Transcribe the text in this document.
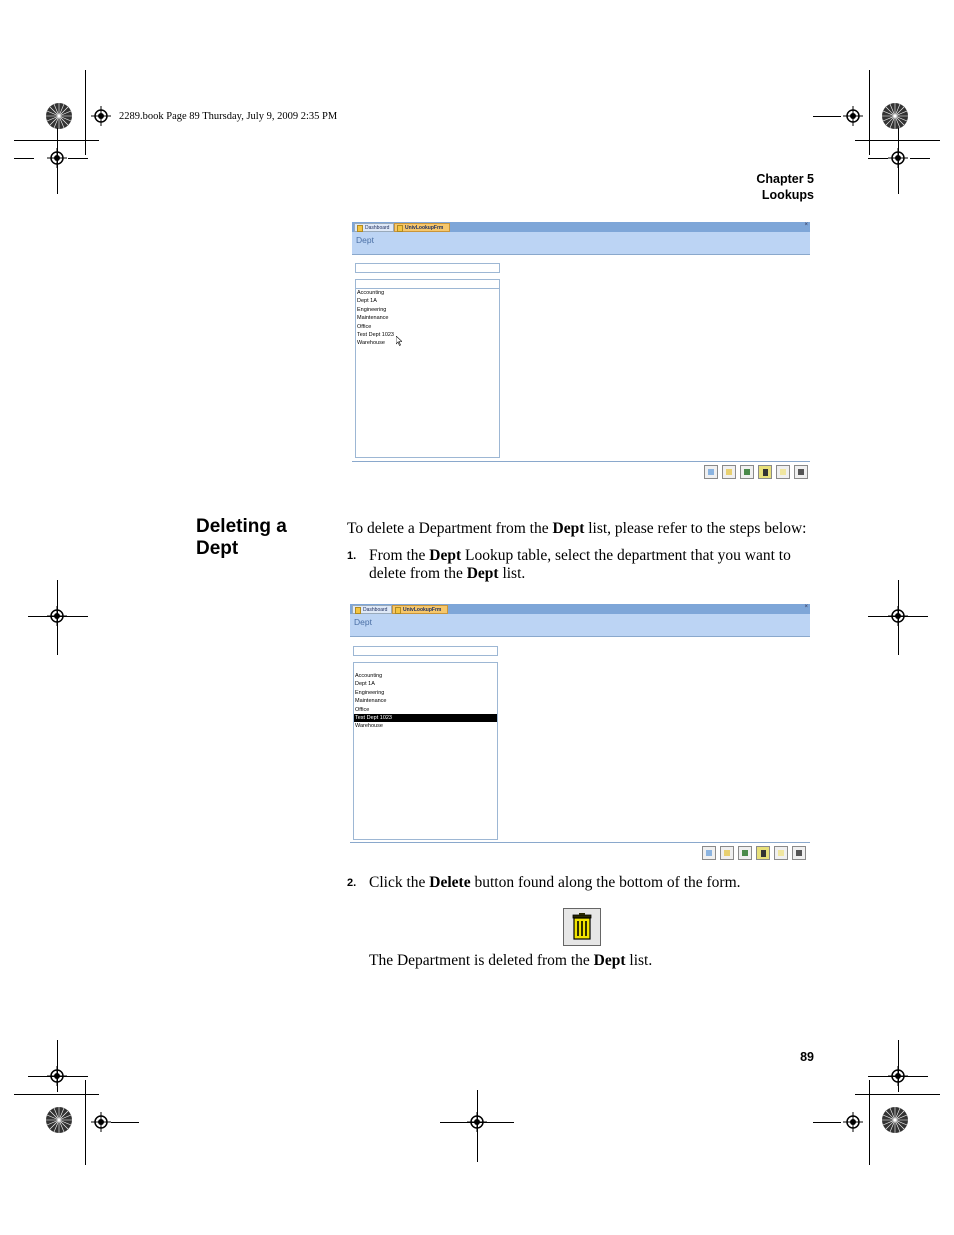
2289.book Page 89 Thursday, July 9, 2009 2:35 PM
Chapter 5
Lookups
Dashboard	UnivLookupFrm	×
Dept
Accounting
Dept 1A
Engineering
Maintenance
Office
Test Dept 1023
Warehouse
Deleting a Dept
To delete a Department from the Dept list, please refer to the steps below:
1. From the Dept Lookup table, select the department that you want to
delete from the Dept list.
Dashboard	UnivLookupFrm	×
Dept
Accounting
Dept 1A
Engineering
Maintenance
Office
Test Dept 1023
Warehouse
2. Click the Delete button found along the bottom of the form.
The Department is deleted from the Dept list.
89
